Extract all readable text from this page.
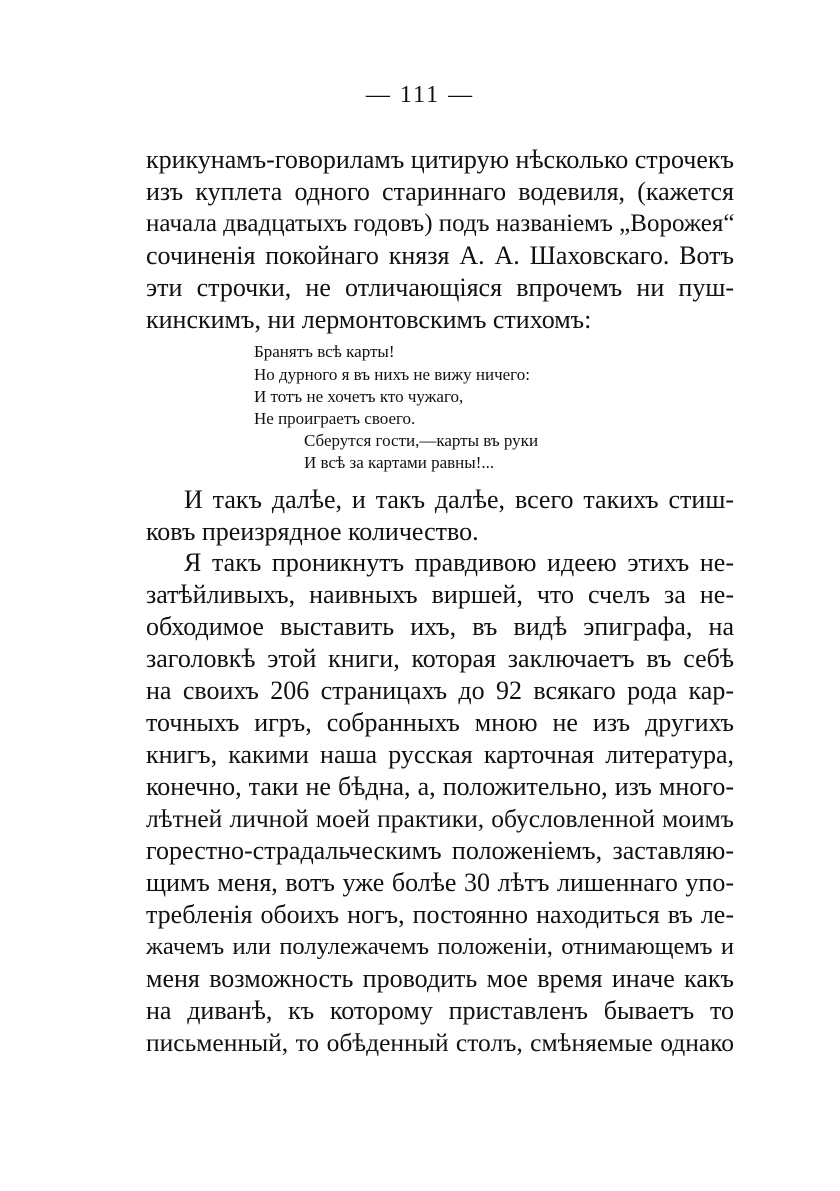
— 111 —
крикунамъ-говориламъ цитирую нѣсколько строчекъ
изъ куплета одного стариннаго водевиля, (кажется
начала двадцатыхъ годовъ) подъ названіемъ „Ворожея“
сочиненія покойнаго князя А. А. Шаховскаго. Вотъ
эти строчки, не отличающіяся впрочемъ ни пуш-
кинскимъ, ни лермонтовскимъ стихомъ:
Бранятъ всѣ карты!
Но дурного я въ нихъ не вижу ничего:
И тотъ не хочетъ кто чужаго,
Не проиграетъ своего.
Сберутся гости,—карты въ руки
И всѣ за картами равны!...
И такъ далѣе, и такъ далѣе, всего такихъ стиш-
ковъ преизрядное количество.
Я такъ проникнутъ правдивою идеею этихъ не-
затѣйливыхъ, наивныхъ виршей, что счелъ за не-
обходимое выставить ихъ, въ видѣ эпиграфа, на
заголовкѣ этой книги, которая заключаетъ въ себѣ
на своихъ 206 страницахъ до 92 всякаго рода кар-
точныхъ игръ, собранныхъ мною не изъ другихъ
книгъ, какими наша русская карточная литература,
конечно, таки не бѣдна, а, положительно, изъ много-
лѣтней личной моей практики, обусловленной моимъ
горестно-страдальческимъ положеніемъ, заставляю-
щимъ меня, вотъ уже болѣе 30 лѣтъ лишеннаго упо-
требленія обоихъ ногъ, постоянно находиться въ ле-
жачемъ или полулежачемъ положеніи, отнимающемъ и
меня возможность проводить мое время иначе какъ
на диванѣ, къ которому приставленъ бываетъ то
письменный, то обѣденный столъ, смѣняемые однако
